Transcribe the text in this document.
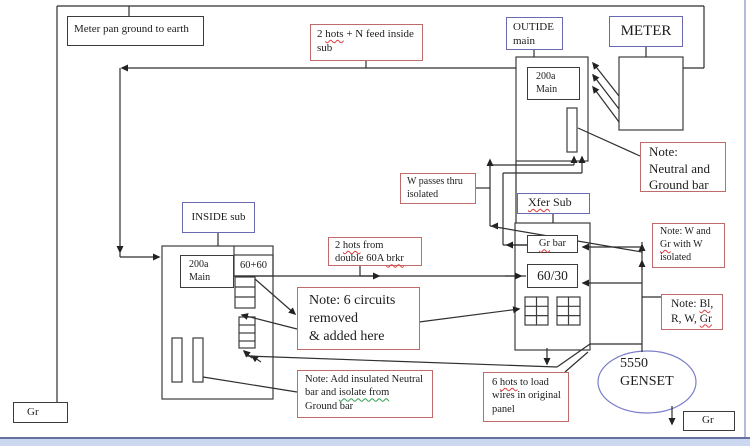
Meter pan ground to earth	2 hots + N feed inside
sub
OUTIDE
main
METER
200a
Main
Note:
Neutral and
Ground bar
W passes thru
isolated
Xfer Sub
Gr bar
60/30
Note: W and
Gr with W
isolated
Note: Bl,
R, W, Gr
INSIDE sub
200a
Main
60+60
2 hots from
double 60A brkr
Note: 6 circuits
removed
& added here
Note: Add insulated Neutral
bar and isolate from
Ground bar
6 hots to load
wires in original
panel
5550
GENSET
Gr
Gr
